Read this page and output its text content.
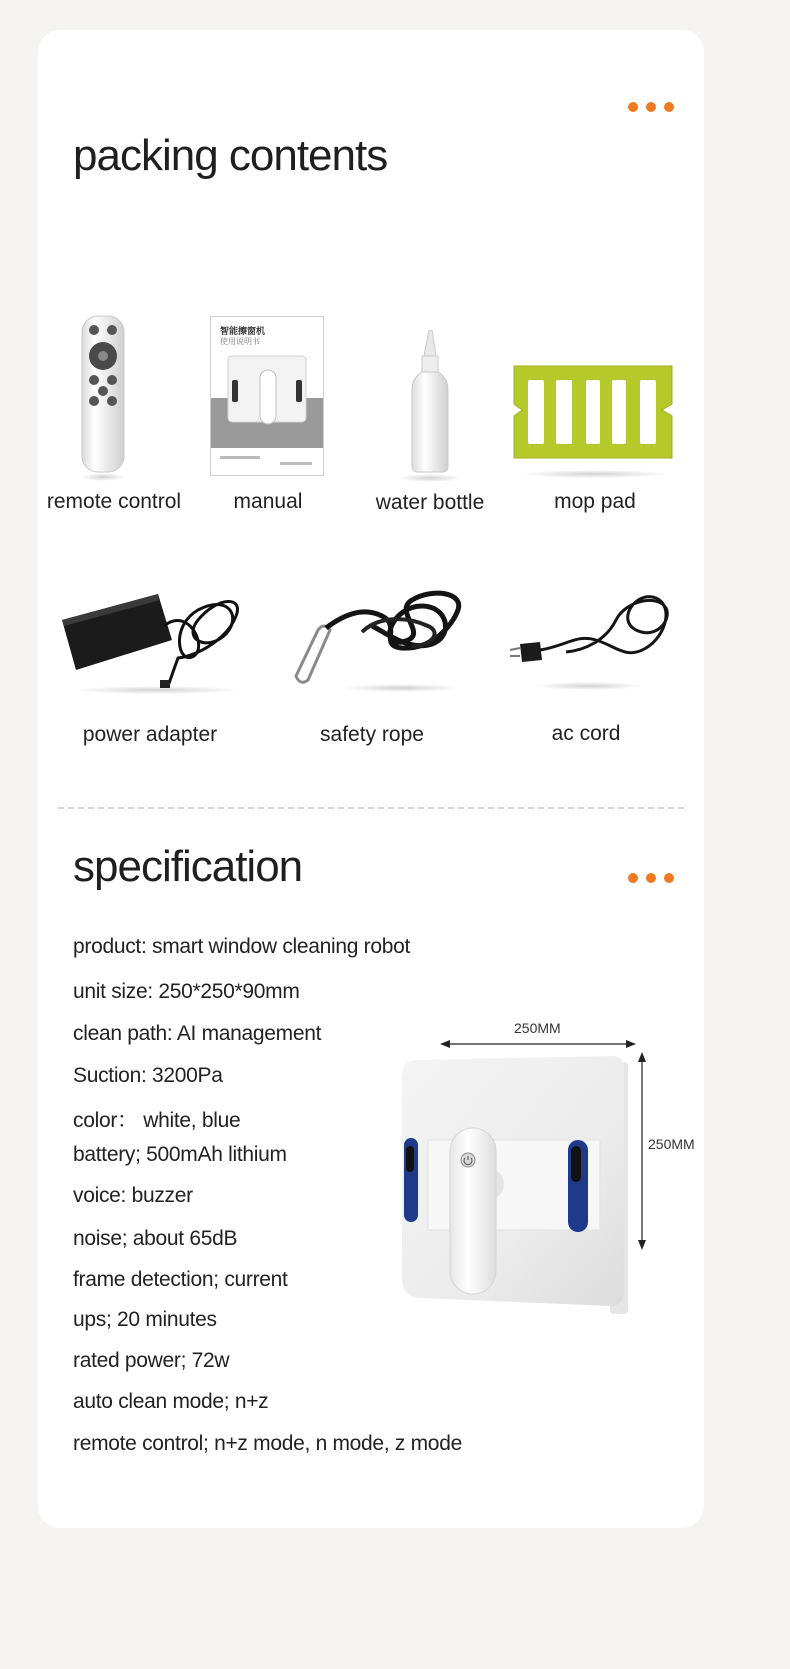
packing contents
remote control
智能擦窗机
使用说明书
manual	water bottle	mop pad
power adapter	safety rope	ac cord
specification
product: smart window cleaning robot
unit size: 250*250*90mm
clean path: AI management
Suction: 3200Pa
color： white, blue
battery; 500mAh lithium
voice: buzzer
noise; about 65dB
frame detection; current
ups; 20 minutes
rated power; 72w
auto clean mode; n+z
remote control; n+z mode, n mode, z mode
250MM
250MM
